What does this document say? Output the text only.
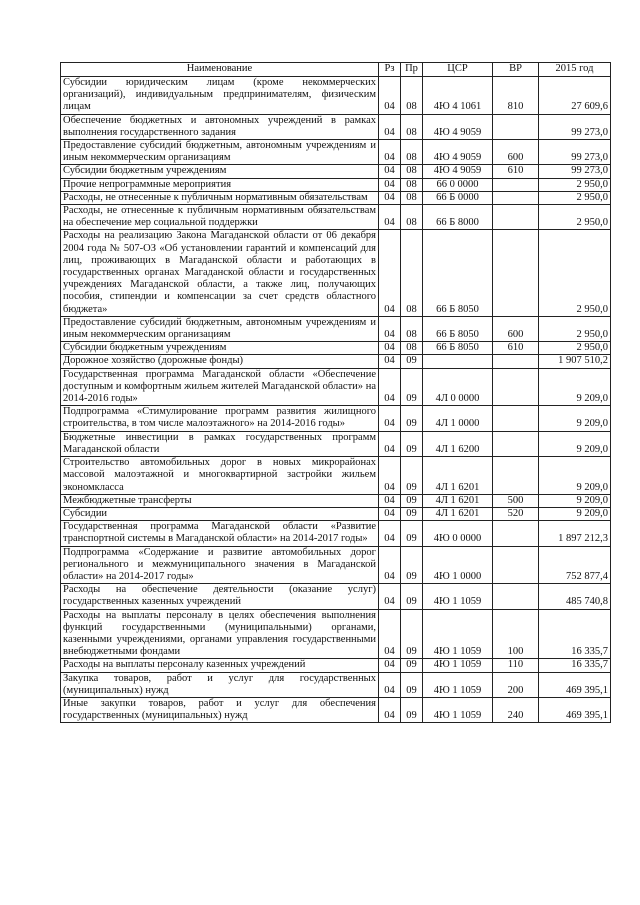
Наименование	Рз	Пр	ЦСР	ВР	2015 год
Субсидии юридическим лицам (кроме некоммерческих организаций), индивидуальным предпринимателям, физическим лицам	04	08	4Ю 4 1061	810	27 609,6
Обеспечение бюджетных и автономных учреждений в рамках выполнения государственного задания	04	08	4Ю 4 9059		99 273,0
Предоставление субсидий бюджетным, автономным учреждениям и иным некоммерческим организациям	04	08	4Ю 4 9059	600	99 273,0
Субсидии бюджетным учреждениям	04	08	4Ю 4 9059	610	99 273,0
Прочие непрограммные мероприятия	04	08	66 0 0000		2 950,0
Расходы, не отнесенные к публичным нормативным обязательствам	04	08	66 Б 0000		2 950,0
Расходы, не отнесенные к публичным нормативным обязательствам на обеспечение мер социальной поддержки	04	08	66 Б 8000		2 950,0
Расходы на реализацию Закона Магаданской области от 06 декабря 2004 года № 507-ОЗ «Об установлении гарантий и компенсаций для лиц, проживающих в Магаданской области и работающих в государственных органах Магаданской области и государственных учреждениях Магаданской области, а также лиц, получающих пособия, стипендии и компенсации за счет средств областного бюджета»	04	08	66 Б 8050		2 950,0
Предоставление субсидий бюджетным, автономным учреждениям и иным некоммерческим организациям	04	08	66 Б 8050	600	2 950,0
Субсидии бюджетным учреждениям	04	08	66 Б 8050	610	2 950,0
Дорожное хозяйство (дорожные фонды)	04	09			1 907 510,2
Государственная программа Магаданской области «Обеспечение доступным и комфортным жильем жителей Магаданской области» на 2014-2016 годы»	04	09	4Л 0 0000		9 209,0
Подпрограмма «Стимулирование программ развития жилищного строительства, в том числе малоэтажного» на 2014-2016 годы»	04	09	4Л 1 0000		9 209,0
Бюджетные инвестиции в рамках государственных программ Магаданской области	04	09	4Л 1 6200		9 209,0
Строительство автомобильных дорог в новых микрорайонах массовой малоэтажной и многоквартирной застройки жильем экономкласса	04	09	4Л 1 6201		9 209,0
Межбюджетные трансферты	04	09	4Л 1 6201	500	9 209,0
Субсидии	04	09	4Л 1 6201	520	9 209,0
Государственная программа Магаданской области «Развитие транспортной системы в Магаданской области» на 2014-2017 годы»	04	09	4Ю 0 0000		1 897 212,3
Подпрограмма «Содержание и развитие автомобильных дорог регионального и межмуниципального значения в Магаданской области» на 2014-2017 годы»	04	09	4Ю 1 0000		752 877,4
Расходы на обеспечение деятельности (оказание услуг) государственных казенных учреждений	04	09	4Ю 1 1059		485 740,8
Расходы на выплаты персоналу в целях обеспечения выполнения функций государственными (муниципальными) органами, казенными учреждениями, органами управления государственными внебюджетными фондами	04	09	4Ю 1 1059	100	16 335,7
Расходы на выплаты персоналу казенных учреждений	04	09	4Ю 1 1059	110	16 335,7
Закупка товаров, работ и услуг для государственных (муниципальных) нужд	04	09	4Ю 1 1059	200	469 395,1
Иные закупки товаров, работ и услуг для обеспечения государственных (муниципальных) нужд	04	09	4Ю 1 1059	240	469 395,1
